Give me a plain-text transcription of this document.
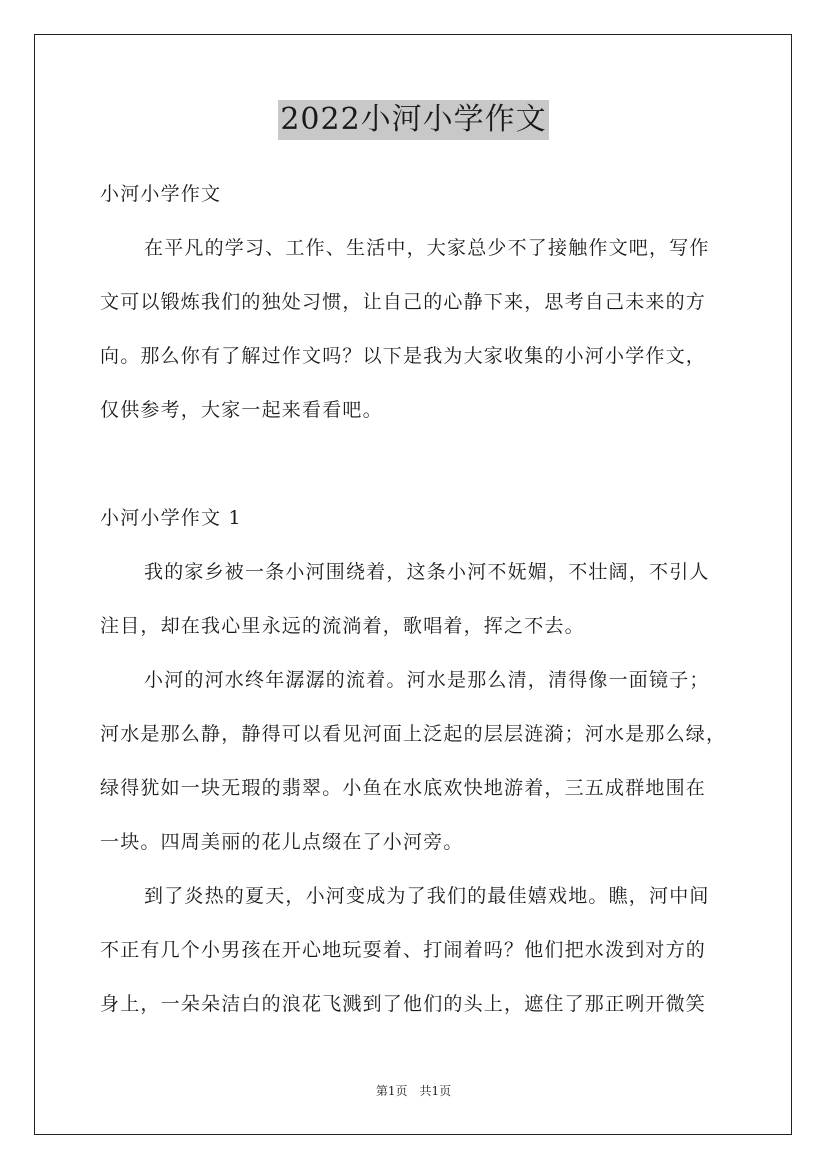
2022小河小学作文
小河小学作文
在平凡的学习、工作、生活中，大家总少不了接触作文吧，写作
文可以锻炼我们的独处习惯，让自己的心静下来，思考自己未来的方
向。那么你有了解过作文吗？以下是我为大家收集的小河小学作文，
仅供参考，大家一起来看看吧。
小河小学作文 1
我的家乡被一条小河围绕着，这条小河不妩媚，不壮阔，不引人
注目，却在我心里永远的流淌着，歌唱着，挥之不去。
小河的河水终年潺潺的流着。河水是那么清，清得像一面镜子；
河水是那么静，静得可以看见河面上泛起的层层涟漪；河水是那么绿，
绿得犹如一块无瑕的翡翠。小鱼在水底欢快地游着，三五成群地围在
一块。四周美丽的花儿点缀在了小河旁。
到了炎热的夏天，小河变成为了我们的最佳嬉戏地。瞧，河中间
不正有几个小男孩在开心地玩耍着、打闹着吗？他们把水泼到对方的
身上，一朵朵洁白的浪花飞溅到了他们的头上，遮住了那正咧开微笑
第1页　共1页
